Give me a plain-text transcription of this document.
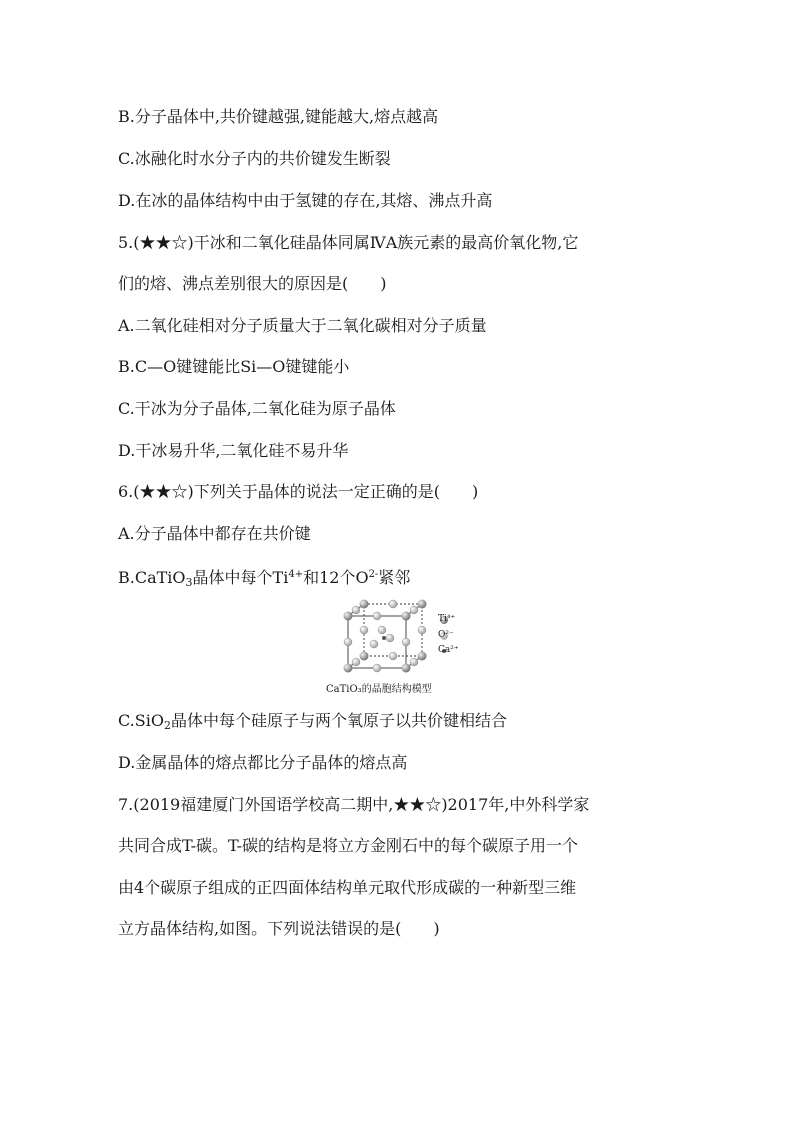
B.分子晶体中,共价键越强,键能越大,熔点越高
C.冰融化时水分子内的共价键发生断裂
D.在冰的晶体结构中由于氢键的存在,其熔、沸点升高
5.(★★☆)干冰和二氧化硅晶体同属ⅣA族元素的最高价氧化物,它
们的熔、沸点差别很大的原因是(　　)
A.二氧化硅相对分子质量大于二氧化碳相对分子质量
B.C—O键键能比Si—O键键能小
C.干冰为分子晶体,二氧化硅为原子晶体
D.干冰易升华,二氧化硅不易升华
6.(★★☆)下列关于晶体的说法一定正确的是(　　)
A.分子晶体中都存在共价键
B.CaTiO$_3$晶体中每个$Ti^{4+}$和12个$O^{2-}$紧邻
Ti⁴⁺
O²⁻
Ca²⁺
CaTiO₃的晶胞结构模型
C.SiO$_2$晶体中每个硅原子与两个氧原子以共价键相结合
D.金属晶体的熔点都比分子晶体的熔点高
7.(2019福建厦门外国语学校高二期中,★★☆)2017年,中外科学家
共同合成T-碳。T-碳的结构是将立方金刚石中的每个碳原子用一个
由4个碳原子组成的正四面体结构单元取代形成碳的一种新型三维
立方晶体结构,如图。下列说法错误的是(　　)
